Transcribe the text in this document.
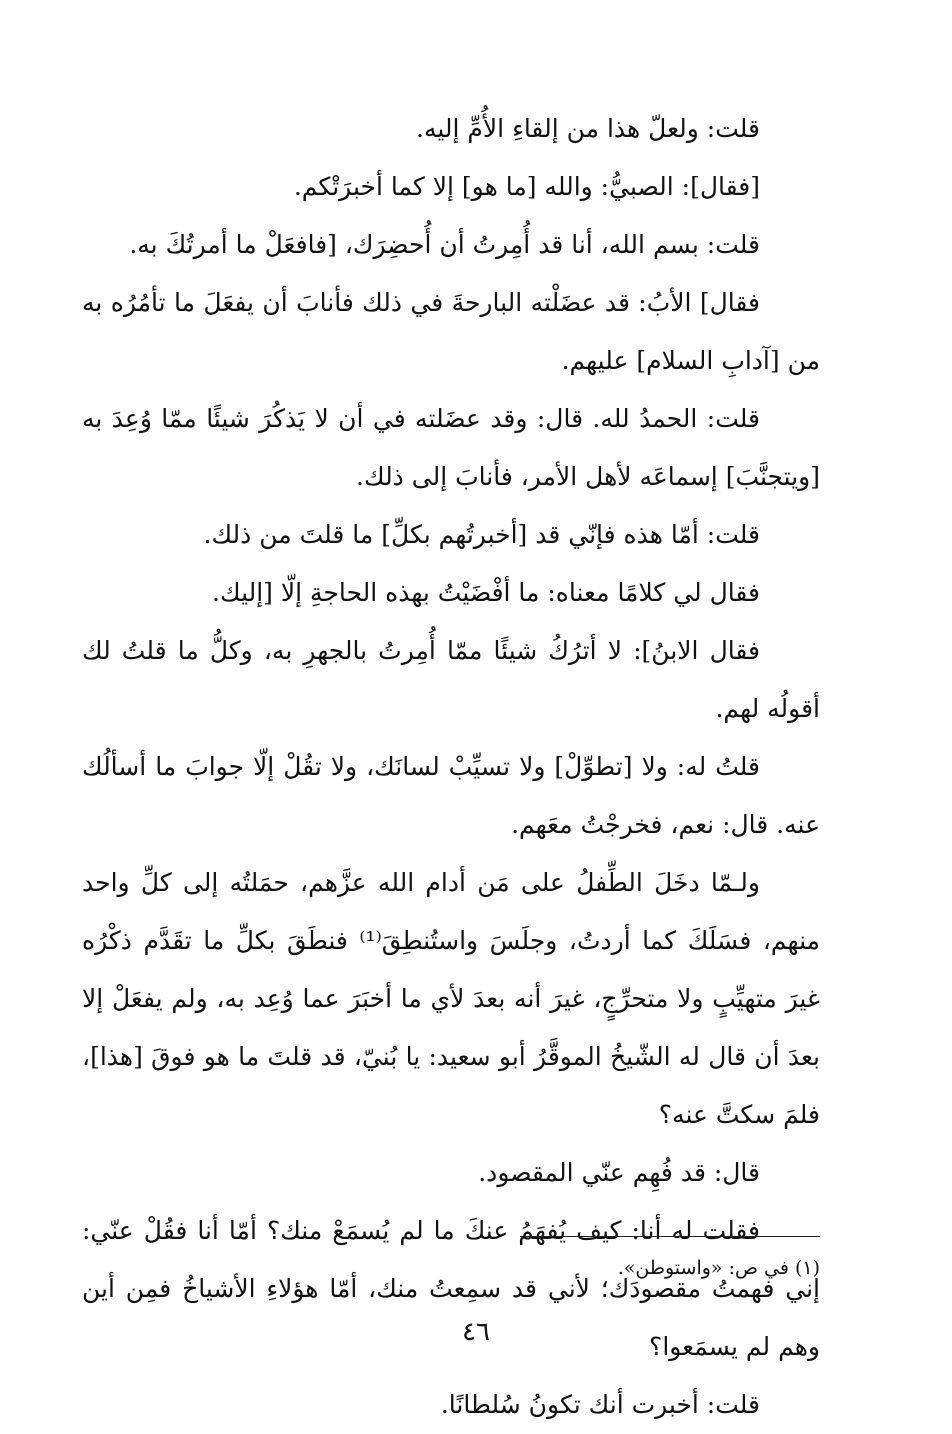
قلت: ولعلّ هذا من إلقاءِ الأُمِّ إليه.

[فقال]: الصبيُّ: والله [ما هو] إلا كما أخبرَتْكم.

قلت: بسم الله، أنا قد أُمِرتُ أن أُحضِرَك، [فافعَلْ ما أمرتُكَ به.

فقال] الأبُ: قد عضَلْته البارحةَ في ذلك فأنابَ أن يفعَلَ ما تأمُرُه به من [آدابِ السلام] عليهم.

قلت: الحمدُ لله. قال: وقد عضَلته في أن لا يَذكُرَ شيئًا ممّا وُعِدَ به [ويتجنَّبَ] إسماعَه لأهل الأمر، فأنابَ إلى ذلك.

قلت: أمّا هذه فإنّي قد [أخبرتُهم بكلِّ] ما قلتَ من ذلك.

فقال لي كلامًا معناه: ما أفْضَيْتُ بهذه الحاجةِ إلّا [إليك.

فقال الابنُ]: لا أترُكُ شيئًا ممّا أُمِرتُ بالجهرِ به، وكلُّ ما قلتُ لك أقولُه لهم.

قلتُ له: ولا [تطوِّلْ] ولا تسيِّبْ لسانَك، ولا تقُلْ إلّا جوابَ ما أسألُك عنه. قال: نعم، فخرجْتُ معَهم.

ولـمّا دخَلَ الطِّفلُ على مَن أدام الله عزَّهم، حمَلتُه إلى كلِّ واحد منهم، فسَلَكَ كما أردتُ، وجلَسَ واستُنطِقَ⁽¹⁾ فنطَقَ بكلِّ ما تقَدَّم ذكْرُه غيرَ متهيِّبٍ ولا متحرِّجٍ، غيرَ أنه بعدَ لأي ما أخبَرَ عما وُعِد به، ولم يفعَلْ إلا بعدَ أن قال له الشّيخُ الموقَّرُ أبو سعيد: يا بُنيّ، قد قلتَ ما هو فوقَ [هذا]، فلمَ سكتَّ عنه؟

قال: قد فُهِم عنّي المقصود.

فقلت له أنا: كيف يُفهَمُ عنكَ ما لم يُسمَعْ منك؟ أمّا أنا فقُلْ عنّي: إني فهمتُ مقصودَك؛ لأني قد سمِعتُ منك، أمّا هؤلاءِ الأشياخُ فمِن أين وهم لم يسمَعوا؟

قلت: أخبرت أنك تكونُ سُلطانًا.

(١) في ص: «واستوطن».
٤٦
